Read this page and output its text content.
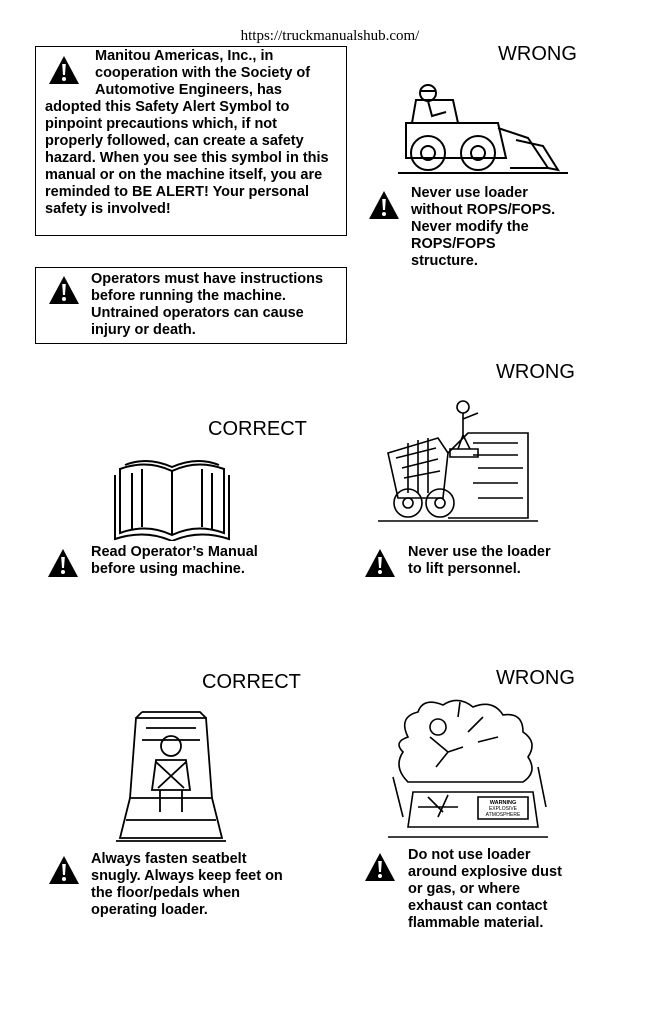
https://truckmanualshub.com/
Manitou Americas, Inc., in
cooperation with the Society of
Automotive Engineers, has
adopted this Safety Alert Symbol to
pinpoint precautions which, if not
properly followed, can create a safety
hazard. When you see this symbol in this
manual or on the machine itself, you are
reminded to BE ALERT! Your personal
safety is involved!
Operators must have instructions
before running the machine.
Untrained operators can cause
injury or death.
WRONG
Never use loader
without ROPS/FOPS.
Never modify the
ROPS/FOPS
structure.
WRONG
Never use the loader
to lift personnel.
CORRECT
Read Operator’s Manual
before using machine.
CORRECT
Always fasten seatbelt
snugly. Always keep feet on
the floor/pedals when
operating loader.
WRONG
WARNING
EXPLOSIVE
ATMOSPHERE
Do not use loader
around explosive dust
or gas, or where
exhaust can contact
flammable material.
